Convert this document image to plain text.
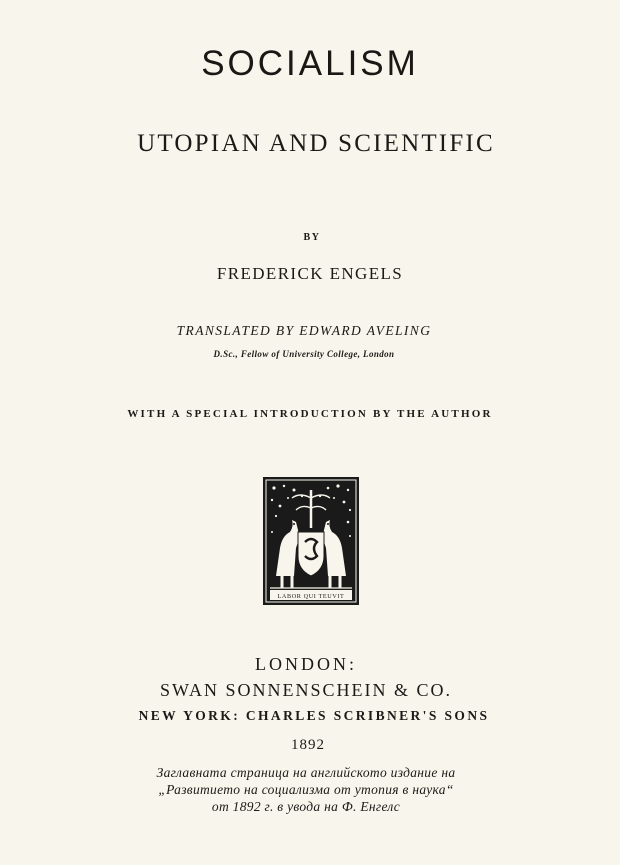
SOCIALISM
UTOPIAN AND SCIENTIFIC
BY
FREDERICK ENGELS
TRANSLATED BY EDWARD AVELING
D.Sc., Fellow of University College, London
WITH A SPECIAL INTRODUCTION BY THE AUTHOR
LABOR QUI TEUVIT
LONDON:
SWAN SONNENSCHEIN & CO.
NEW YORK: CHARLES SCRIBNER'S SONS
1892
Заглавната страница на английското издание на
„Развитието на социализма от утопия в наука“
от 1892 г. в увода на Ф. Енгелс
